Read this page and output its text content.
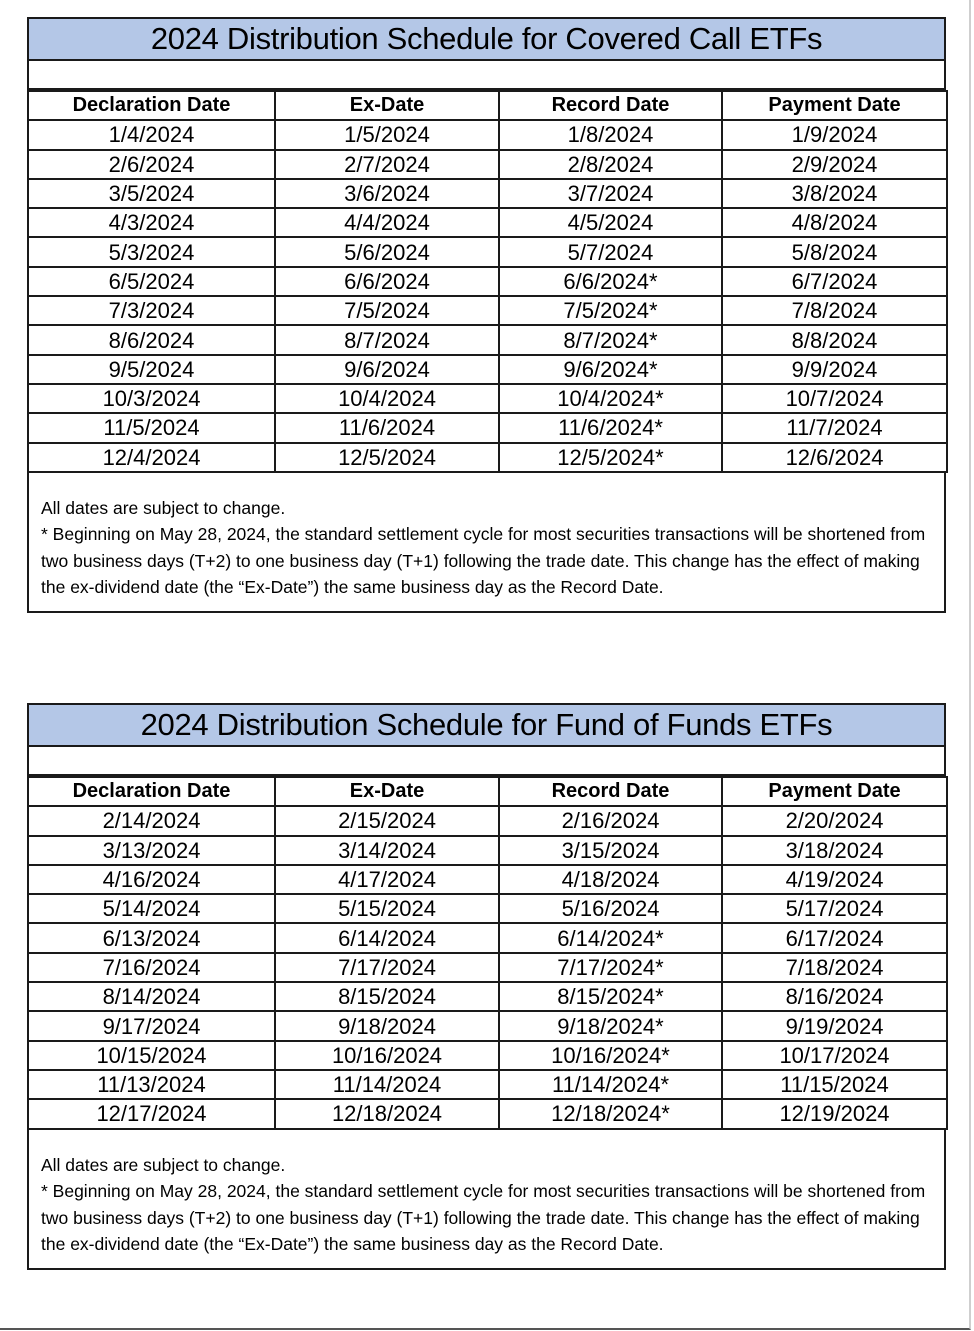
2024 Distribution Schedule for Covered Call ETFs
Declaration Date	Ex-Date	Record Date	Payment Date
1/4/2024	1/5/2024	1/8/2024	1/9/2024
2/6/2024	2/7/2024	2/8/2024	2/9/2024
3/5/2024	3/6/2024	3/7/2024	3/8/2024
4/3/2024	4/4/2024	4/5/2024	4/8/2024
5/3/2024	5/6/2024	5/7/2024	5/8/2024
6/5/2024	6/6/2024	6/6/2024*	6/7/2024
7/3/2024	7/5/2024	7/5/2024*	7/8/2024
8/6/2024	8/7/2024	8/7/2024*	8/8/2024
9/5/2024	9/6/2024	9/6/2024*	9/9/2024
10/3/2024	10/4/2024	10/4/2024*	10/7/2024
11/5/2024	11/6/2024	11/6/2024*	11/7/2024
12/4/2024	12/5/2024	12/5/2024*	12/6/2024

All dates are subject to change.

* Beginning on May 28, 2024, the standard settlement cycle for most securities transactions will be shortened from two business days (T+2) to one business day (T+1) following the trade date. This change has the effect of making the ex-dividend date (the “Ex-Date”) the same business day as the Record Date.

2024 Distribution Schedule for Fund of Funds ETFs
Declaration Date	Ex-Date	Record Date	Payment Date
2/14/2024	2/15/2024	2/16/2024	2/20/2024
3/13/2024	3/14/2024	3/15/2024	3/18/2024
4/16/2024	4/17/2024	4/18/2024	4/19/2024
5/14/2024	5/15/2024	5/16/2024	5/17/2024
6/13/2024	6/14/2024	6/14/2024*	6/17/2024
7/16/2024	7/17/2024	7/17/2024*	7/18/2024
8/14/2024	8/15/2024	8/15/2024*	8/16/2024
9/17/2024	9/18/2024	9/18/2024*	9/19/2024
10/15/2024	10/16/2024	10/16/2024*	10/17/2024
11/13/2024	11/14/2024	11/14/2024*	11/15/2024
12/17/2024	12/18/2024	12/18/2024*	12/19/2024

All dates are subject to change.

* Beginning on May 28, 2024, the standard settlement cycle for most securities transactions will be shortened from two business days (T+2) to one business day (T+1) following the trade date. This change has the effect of making the ex-dividend date (the “Ex-Date”) the same business day as the Record Date.
